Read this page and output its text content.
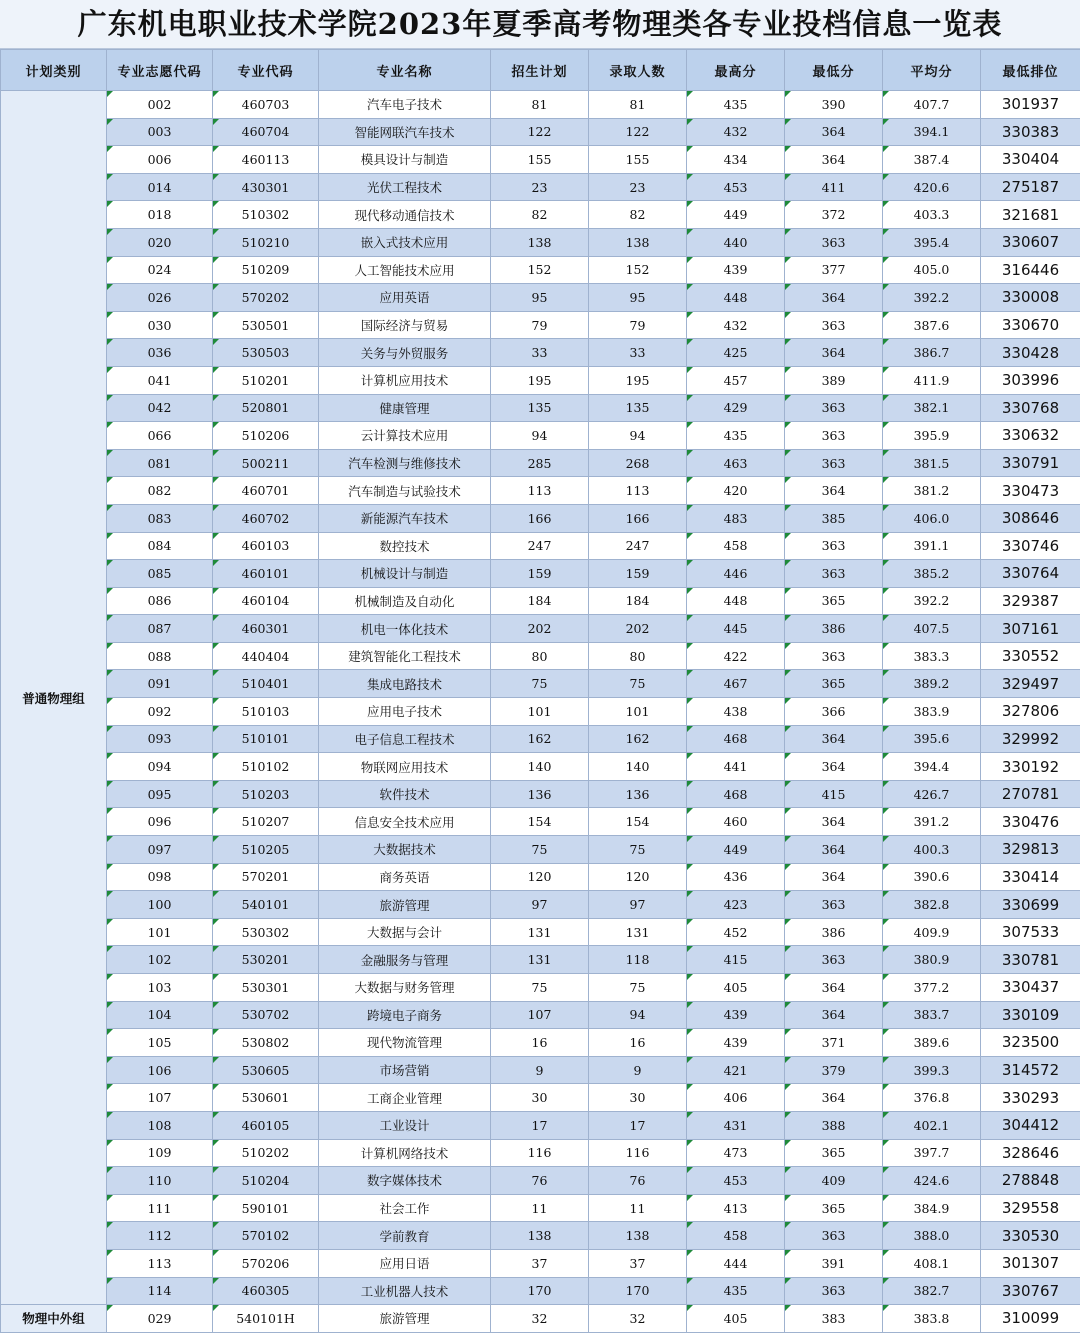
广东机电职业技术学院2023年夏季高考物理类各专业投档信息一览表
计划类别	专业志愿代码	专业代码	专业名称	招生计划	录取人数	最高分	最低分	平均分	最低排位
普通物理组	002	460703	汽车电子技术	81	81	435	390	407.7	301937
	003	460704	智能网联汽车技术	122	122	432	364	394.1	330383
	006	460113	模具设计与制造	155	155	434	364	387.4	330404
	014	430301	光伏工程技术	23	23	453	411	420.6	275187
	018	510302	现代移动通信技术	82	82	449	372	403.3	321681
	020	510210	嵌入式技术应用	138	138	440	363	395.4	330607
	024	510209	人工智能技术应用	152	152	439	377	405.0	316446
	026	570202	应用英语	95	95	448	364	392.2	330008
	030	530501	国际经济与贸易	79	79	432	363	387.6	330670
	036	530503	关务与外贸服务	33	33	425	364	386.7	330428
	041	510201	计算机应用技术	195	195	457	389	411.9	303996
	042	520801	健康管理	135	135	429	363	382.1	330768
	066	510206	云计算技术应用	94	94	435	363	395.9	330632
	081	500211	汽车检测与维修技术	285	268	463	363	381.5	330791
	082	460701	汽车制造与试验技术	113	113	420	364	381.2	330473
	083	460702	新能源汽车技术	166	166	483	385	406.0	308646
	084	460103	数控技术	247	247	458	363	391.1	330746
	085	460101	机械设计与制造	159	159	446	363	385.2	330764
	086	460104	机械制造及自动化	184	184	448	365	392.2	329387
	087	460301	机电一体化技术	202	202	445	386	407.5	307161
	088	440404	建筑智能化工程技术	80	80	422	363	383.3	330552
	091	510401	集成电路技术	75	75	467	365	389.2	329497
	092	510103	应用电子技术	101	101	438	366	383.9	327806
	093	510101	电子信息工程技术	162	162	468	364	395.6	329992
	094	510102	物联网应用技术	140	140	441	364	394.4	330192
	095	510203	软件技术	136	136	468	415	426.7	270781
	096	510207	信息安全技术应用	154	154	460	364	391.2	330476
	097	510205	大数据技术	75	75	449	364	400.3	329813
	098	570201	商务英语	120	120	436	364	390.6	330414
	100	540101	旅游管理	97	97	423	363	382.8	330699
	101	530302	大数据与会计	131	131	452	386	409.9	307533
	102	530201	金融服务与管理	131	118	415	363	380.9	330781
	103	530301	大数据与财务管理	75	75	405	364	377.2	330437
	104	530702	跨境电子商务	107	94	439	364	383.7	330109
	105	530802	现代物流管理	16	16	439	371	389.6	323500
	106	530605	市场营销	9	9	421	379	399.3	314572
	107	530601	工商企业管理	30	30	406	364	376.8	330293
	108	460105	工业设计	17	17	431	388	402.1	304412
	109	510202	计算机网络技术	116	116	473	365	397.7	328646
	110	510204	数字媒体技术	76	76	453	409	424.6	278848
	111	590101	社会工作	11	11	413	365	384.9	329558
	112	570102	学前教育	138	138	458	363	388.0	330530
	113	570206	应用日语	37	37	444	391	408.1	301307
	114	460305	工业机器人技术	170	170	435	363	382.7	330767
物理中外组	029	540101H	旅游管理	32	32	405	383	383.8	310099
